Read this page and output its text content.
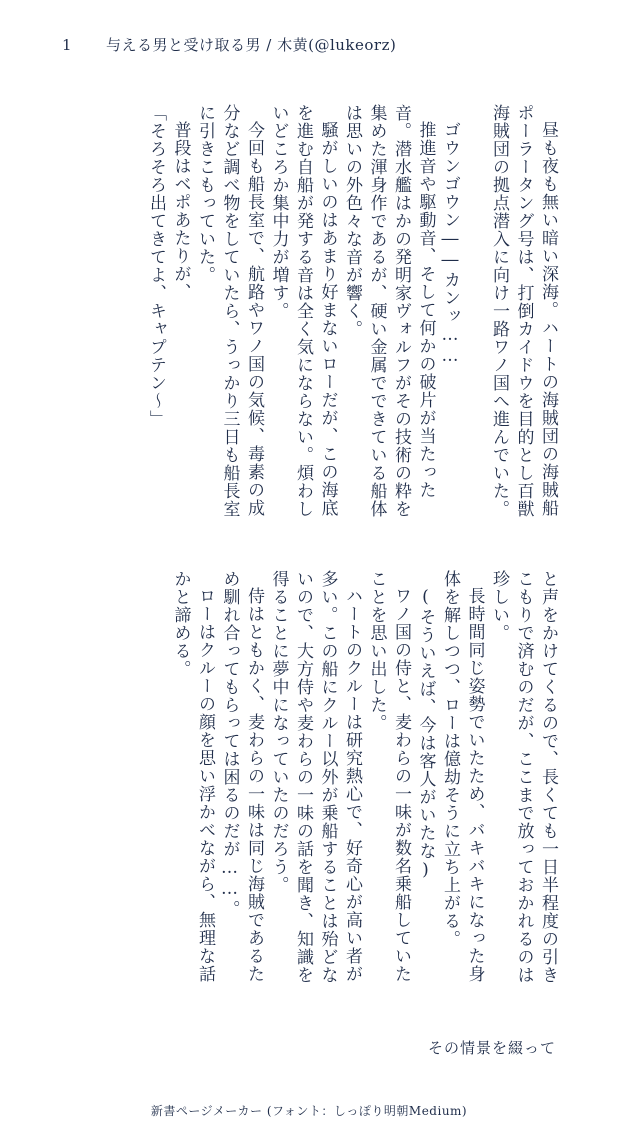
1 与える男と受け取る男 / 木黄(@lukeorz)

昼も夜も無い暗い深海。ハートの海賊団の海賊船ポーラータング号は、打倒カイドウを目的とし百獣海賊団の拠点潜入に向け一路ワノ国へ進んでいた。

ゴウンゴウン――カンッ……

推進音や駆動音、そして何かの破片が当たった音。潜水艦はかの発明家ヴォルフがその技術の粋を集めた渾身作であるが、硬い金属でできている船体は思いの外色々な音が響く。

騒がしいのはあまり好まないローだが、この海底を進む自船が発する音は全く気にならない。煩わしいどころか集中力が増す。

今回も船長室で、航路やワノ国の気候、毒素の成分など調べ物をしていたら、うっかり三日も船長室に引きこもっていた。

普段はベポあたりが、

「そろそろ出てきてよ、キャプテン～」

と声をかけてくるので、長くても一日半程度の引きこもりで済むのだが、ここまで放っておかれるのは珍しい。

長時間同じ姿勢でいたため、バキバキになった身体を解しつつ、ローは億劫そうに立ち上がる。

(そういえば、今は客人がいたな)

ワノ国の侍と、麦わらの一味が数名乗船していたことを思い出した。

ハートのクルーは研究熱心で、好奇心が高い者が多い。この船にクルー以外が乗船することは殆どないので、大方侍や麦わらの一味の話を聞き、知識を得ることに夢中になっていたのだろう。

侍はともかく、麦わらの一味は同じ海賊であるため馴れ合ってもらっては困るのだが……。

ローはクルーの顔を思い浮かべながら、無理な話かと諦める。

その情景を綴って
新書ページメーカー (フォント：しっぽり明朝Medium)
